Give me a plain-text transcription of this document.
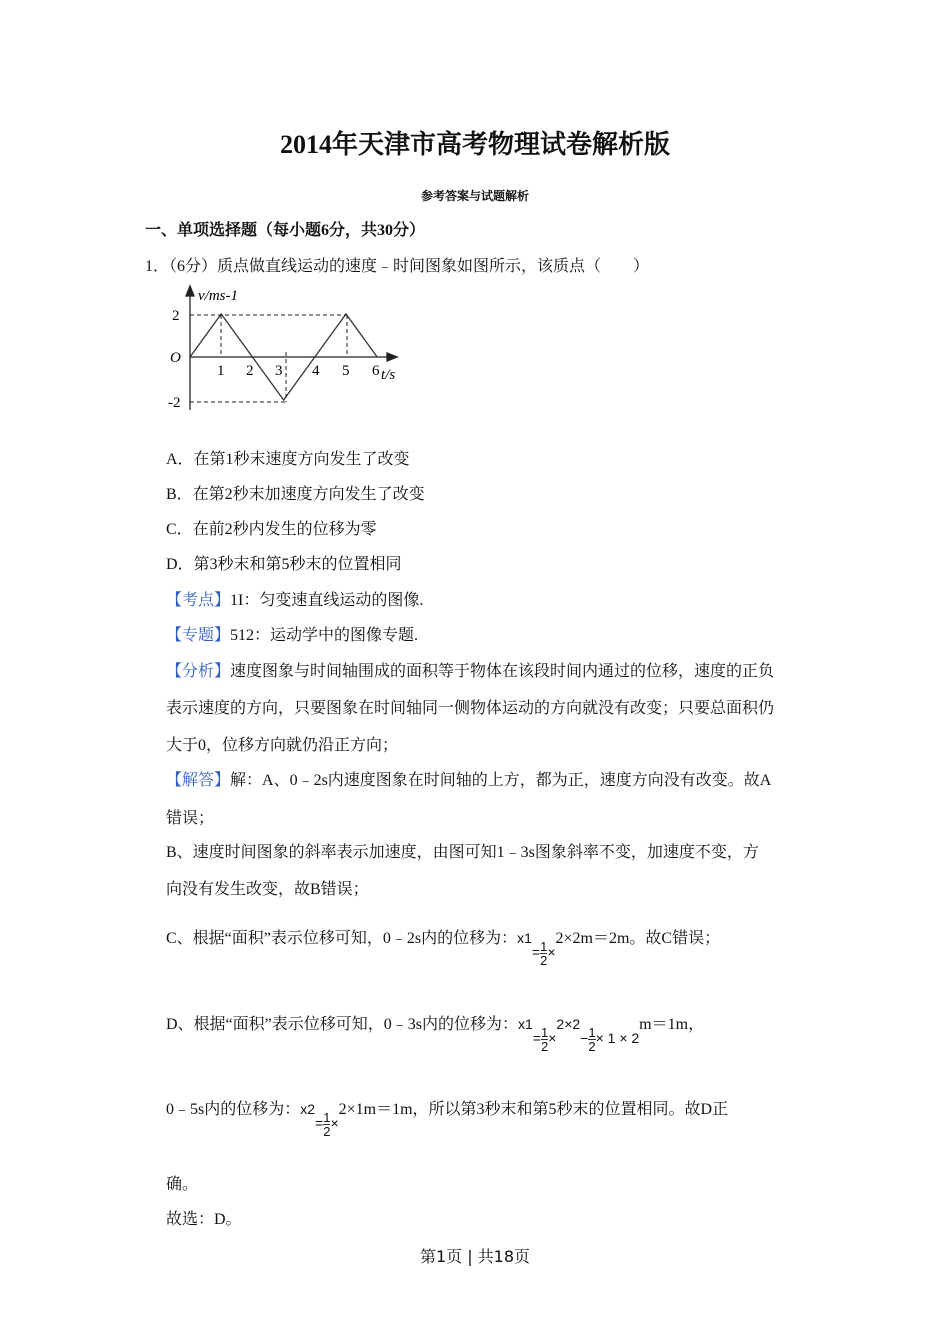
2014年天津市高考物理试卷解析版
参考答案与试题解析
一、单项选择题（每小题6分，共30分）
1．（6分）质点做直线运动的速度﹣时间图象如图所示，该质点（　　）
v/ms-1
2
O
-2
1 2 3 4 5 6 t/s
A．在第1秒末速度方向发生了改变
B．在第2秒末加速度方向发生了改变
C．在前2秒内发生的位移为零
D．第3秒末和第5秒末的位置相同
【考点】1I：匀变速直线运动的图像.
【专题】512：运动学中的图像专题.
【分析】速度图象与时间轴围成的面积等于物体在该段时间内通过的位移，速度的正负
表示速度的方向，只要图象在时间轴同一侧物体运动的方向就没有改变；只要总面积仍
大于0，位移方向就仍沿正方向；
【解答】解：A、0﹣2s内速度图象在时间轴的上方，都为正，速度方向没有改变。故A
错误；
B、速度时间图象的斜率表示加速度，由图可知1﹣3s图象斜率不变，加速度不变，方
向没有发生改变，故B错误；
C、根据“面积”表示位移可知，0﹣2s内的位移为：$x1= \frac{1}{2} \times 2\times 2m=2m$。故C错误；
D、根据“面积”表示位移可知，0﹣3s内的位移为：$x1= \frac{1}{2} \times 2\times 2- \frac{1}{2} \times 1 \times 2m=1m$，
0﹣5s内的位移为：$x2= \frac{1}{2} \times 2\times 1m=1m$，所以第3秒末和第5秒末的位置相同。故D正
确。
故选：D。
第1页 | 共18页
